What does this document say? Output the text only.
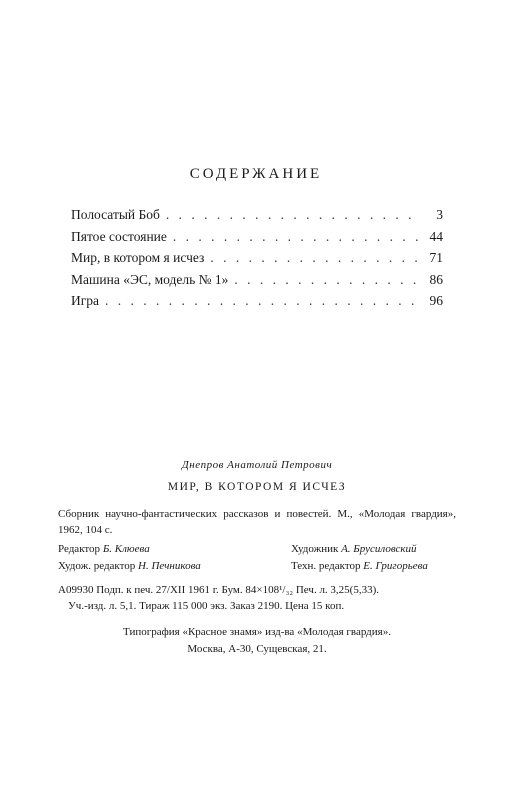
СОДЕРЖАНИЕ
Полосатый Боб . . .	3
Пятое состояние . . .	44
Мир, в котором я исчез . . .	71
Машина «ЭС, модель № 1» . . .	86
Игра . . .	96
Днепров Анатолий Петрович
МИР, В КОТОРОМ Я ИСЧЕЗ
Сборник научно-фантастических рассказов и повестей. М., «Молодая гвардия», 1962, 104 с.
Редактор Б. Клюева	Художник А. Брусиловский
Худож. редактор Н. Печникова	Техн. редактор Е. Григорьева
А09930 Подп. к печ. 27/XII 1961 г. Бум. 84×108¹/₃₂ Печ. л. 3,25(5,33).
Уч.-изд. л. 5,1. Тираж 115 000 экз. Заказ 2190. Цена 15 коп.
Типография «Красное знамя» изд-ва «Молодая гвардия».
Москва, А-30, Сущевская, 21.
